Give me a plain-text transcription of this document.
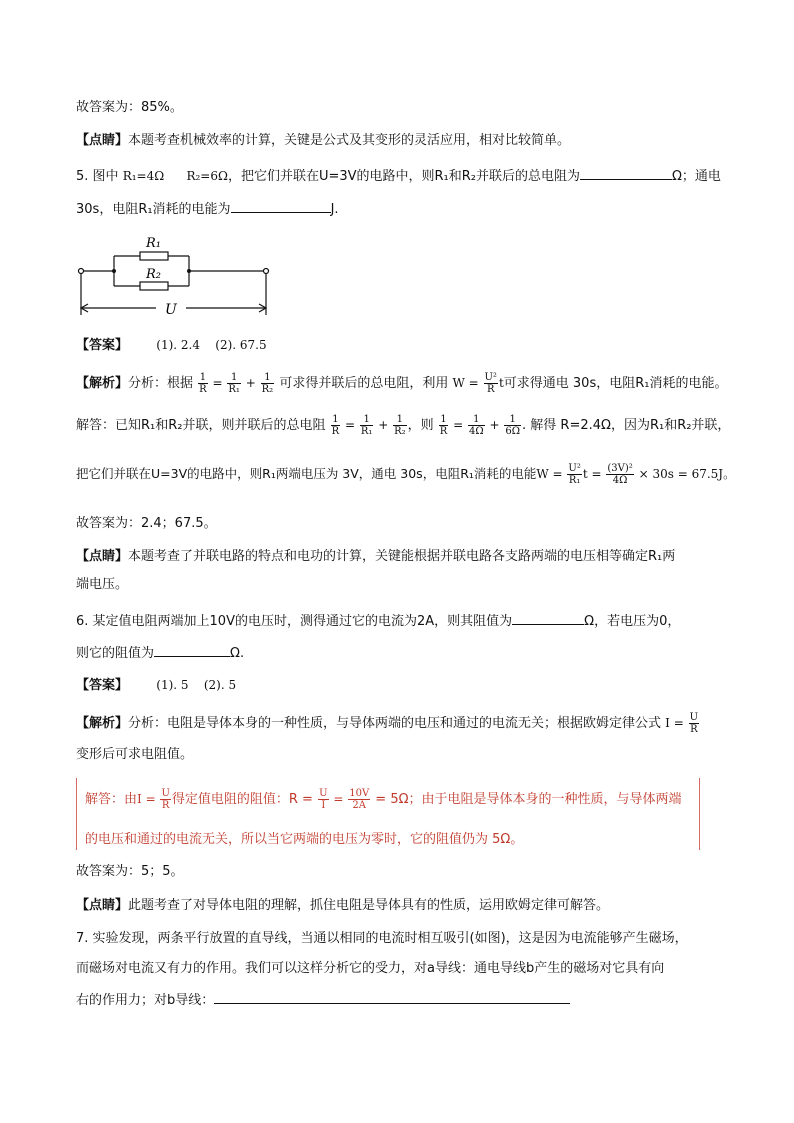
故答案为：85%。
【点睛】本题考查机械效率的计算，关键是公式及其变形的灵活应用，相对比较简单。
5. 图中 R₁=4Ω R₂=6Ω，把它们并联在U=3V的电路中，则R₁和R₂并联后的总电阻为	Ω；通电
30s，电阻R₁消耗的电能为	J.
R₁
R₂
U
【答案】 (1). 2.4    (2). 67.5
【解析】分析：根据 $\frac{1}{R} = \frac{1}{\text{R₁}} + \frac{1}{\text{R₂}}$ 可求得并联后的总电阻，利用 $W = \frac{\text{U²}}{R}$ t可求得通电 30s，电阻R₁消耗的电能。
解答：已知R₁和R₂并联，则并联后的总电阻 $\frac{1}{R} = \frac{1}{\text{R₁}} + \frac{1}{\text{R₂}}$ ，则 $\frac{1}{R} = \frac{1}{4\Omega} + \frac{1}{6\Omega}$ . 解得 R=2.4Ω，因为R₁和R₂并联，
把它们并联在U=3V的电路中，则R₁两端电压为 3V，通电 30s，电阻R₁消耗的电能$W = \frac{\text{U²}}{\text{R₁}}$ $t = \frac{\text{(3V)²}}{4\Omega} \times 30s = 67.5J$。
故答案为：2.4；67.5。
【点睛】本题考查了并联电路的特点和电功的计算，关键能根据并联电路各支路两端的电压相等确定R₁两
端电压。
6. 某定值电阻两端加上10V的电压时，测得通过它的电流为2A，则其阻值为	Ω，若电压为0，
则它的阻值为	Ω.
【答案】 (1). 5    (2). 5
【解析】分析：电阻是导体本身的一种性质，与导体两端的电压和通过的电流无关；根据欧姆定律公式 $I = \frac{U}{R}$
变形后可求电阻值。
解答：由$I = \frac{U}{R}$ 得定值电阻的阻值：$R = \frac{U}{I} = \frac{10V}{2A} = 5\Omega$；由于电阻是导体本身的一种性质，与导体两端
的电压和通过的电流无关，所以当它两端的电压为零时，它的阻值仍为 5Ω。
故答案为：5；5。
【点睛】此题考查了对导体电阻的理解，抓住电阻是导体具有的性质，运用欧姆定律可解答。
7. 实验发现，两条平行放置的直导线，当通以相同的电流时相互吸引(如图)，这是因为电流能够产生磁场，
而磁场对电流又有力的作用。我们可以这样分析它的受力，对a导线：通电导线b产生的磁场对它具有向
右的作用力；对b导线：
